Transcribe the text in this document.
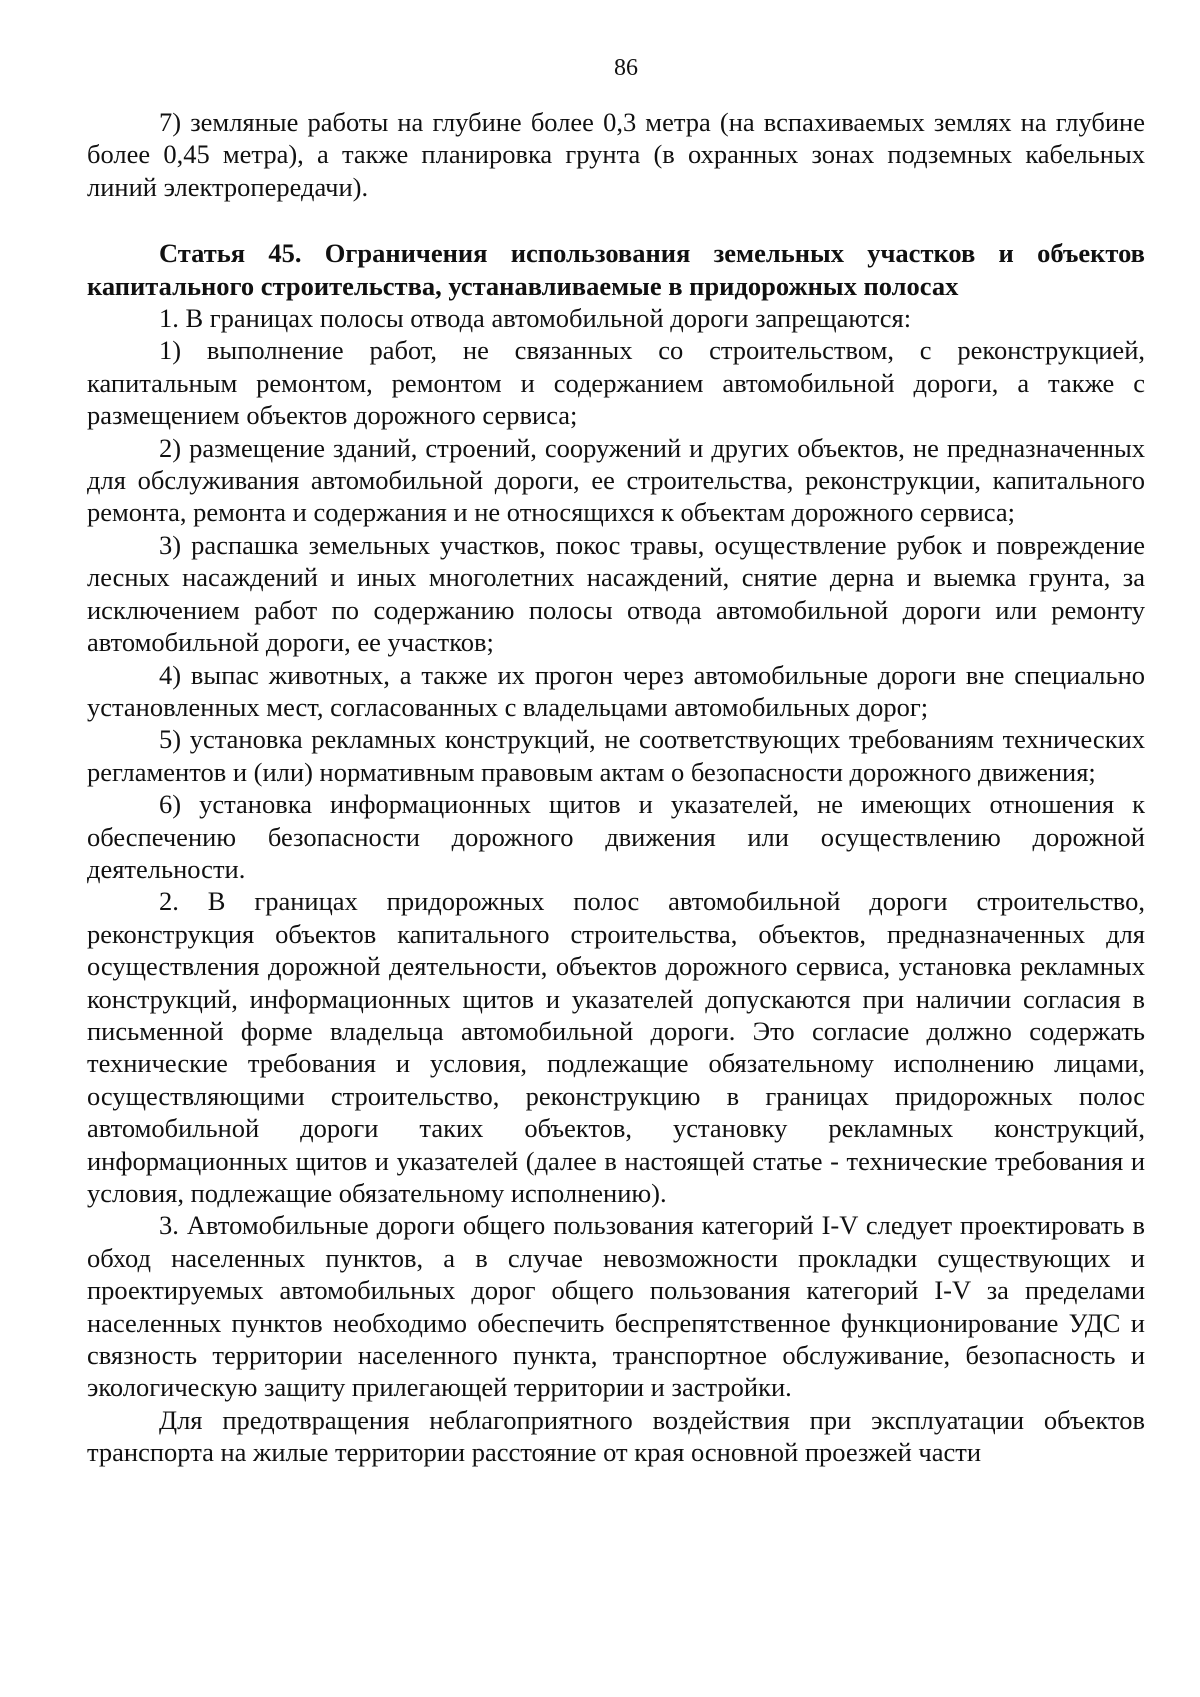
86

7) земляные работы на глубине более 0,3 метра (на вспахиваемых землях на глубине более 0,45 метра), а также планировка грунта (в охранных зонах подземных кабельных линий электропередачи).

Статья 45. Ограничения использования земельных участков и объектов капитального строительства, устанавливаемые в придорожных полосах

1. В границах полосы отвода автомобильной дороги запрещаются:

1) выполнение работ, не связанных со строительством, с реконструкцией, капитальным ремонтом, ремонтом и содержанием автомобильной дороги, а также с размещением объектов дорожного сервиса;

2) размещение зданий, строений, сооружений и других объектов, не предназначенных для обслуживания автомобильной дороги, ее строительства, реконструкции, капитального ремонта, ремонта и содержания и не относящихся к объектам дорожного сервиса;

3) распашка земельных участков, покос травы, осуществление рубок и повреждение лесных насаждений и иных многолетних насаждений, снятие дерна и выемка грунта, за исключением работ по содержанию полосы отвода автомобильной дороги или ремонту автомобильной дороги, ее участков;

4) выпас животных, а также их прогон через автомобильные дороги вне специально установленных мест, согласованных с владельцами автомобильных дорог;

5) установка рекламных конструкций, не соответствующих требованиям технических регламентов и (или) нормативным правовым актам о безопасности дорожного движения;

6) установка информационных щитов и указателей, не имеющих отношения к обеспечению безопасности дорожного движения или осуществлению дорожной деятельности.

2. В границах придорожных полос автомобильной дороги строительство, реконструкция объектов капитального строительства, объектов, предназначенных для осуществления дорожной деятельности, объектов дорожного сервиса, установка рекламных конструкций, информационных щитов и указателей допускаются при наличии согласия в письменной форме владельца автомобильной дороги. Это согласие должно содержать технические требования и условия, подлежащие обязательному исполнению лицами, осуществляющими строительство, реконструкцию в границах придорожных полос автомобильной дороги таких объектов, установку рекламных конструкций, информационных щитов и указателей (далее в настоящей статье - технические требования и условия, подлежащие обязательному исполнению).

3. Автомобильные дороги общего пользования категорий I-V следует проектировать в обход населенных пунктов, а в случае невозможности прокладки существующих и проектируемых автомобильных дорог общего пользования категорий I-V за пределами населенных пунктов необходимо обеспечить беспрепятственное функционирование УДС и связность территории населенного пункта, транспортное обслуживание, безопасность и экологическую защиту прилегающей территории и застройки.

Для предотвращения неблагоприятного воздействия при эксплуатации объектов транспорта на жилые территории расстояние от края основной проезжей части
